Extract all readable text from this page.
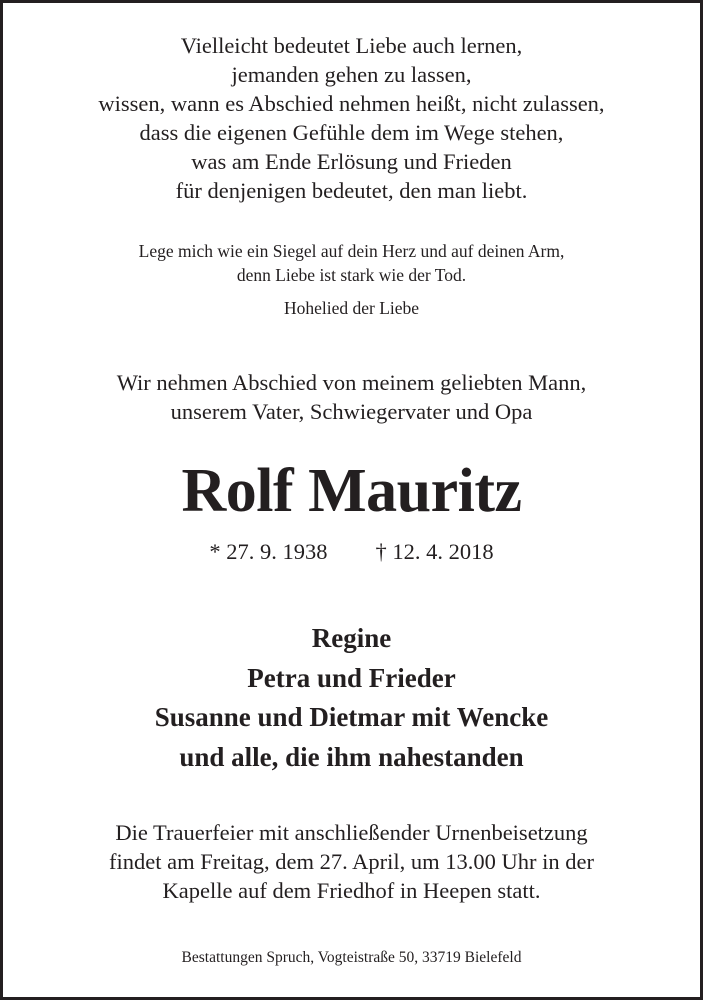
Vielleicht bedeutet Liebe auch lernen,
jemanden gehen zu lassen,
wissen, wann es Abschied nehmen heißt, nicht zulassen,
dass die eigenen Gefühle dem im Wege stehen,
was am Ende Erlösung und Frieden
für denjenigen bedeutet, den man liebt.
Lege mich wie ein Siegel auf dein Herz und auf deinen Arm,
denn Liebe ist stark wie der Tod.
Hohelied der Liebe
Wir nehmen Abschied von meinem geliebten Mann,
unserem Vater, Schwiegervater und Opa
Rolf Mauritz
* 27. 9. 1938 † 12. 4. 2018
Regine
Petra und Frieder
Susanne und Dietmar mit Wencke
und alle, die ihm nahestanden
Die Trauerfeier mit anschließender Urnenbeisetzung
findet am Freitag, dem 27. April, um 13.00 Uhr in der
Kapelle auf dem Friedhof in Heepen statt.
Bestattungen Spruch, Vogteistraße 50, 33719 Bielefeld
